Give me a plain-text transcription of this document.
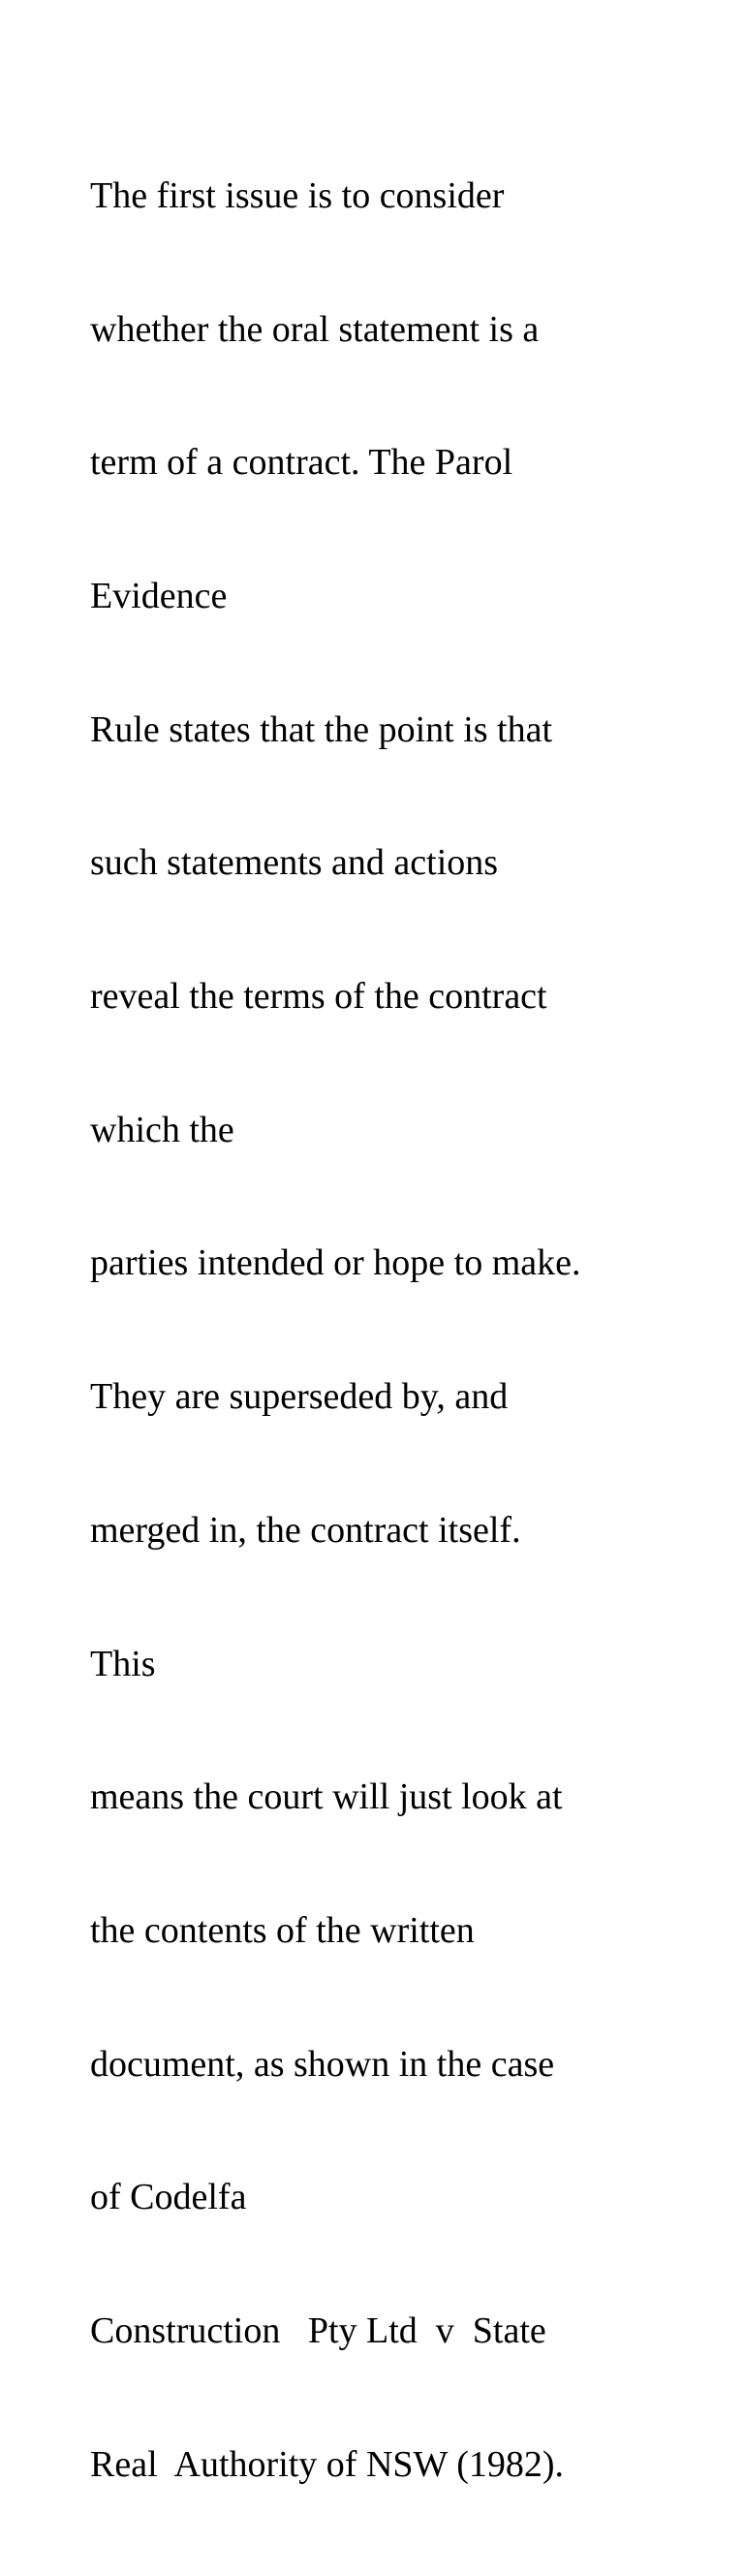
The first issue is to consider

whether the oral statement is a

term of a contract. The Parol

Evidence

Rule states that the point is that

such statements and actions

reveal the terms of the contract

which the

parties intended or hope to make.

They are superseded by, and

merged in, the contract itself.

This

means the court will just look at

the contents of the written

document, as shown in the case

of Codelfa

Construction   Pty Ltd  v  State

Real  Authority of NSW (1982).
